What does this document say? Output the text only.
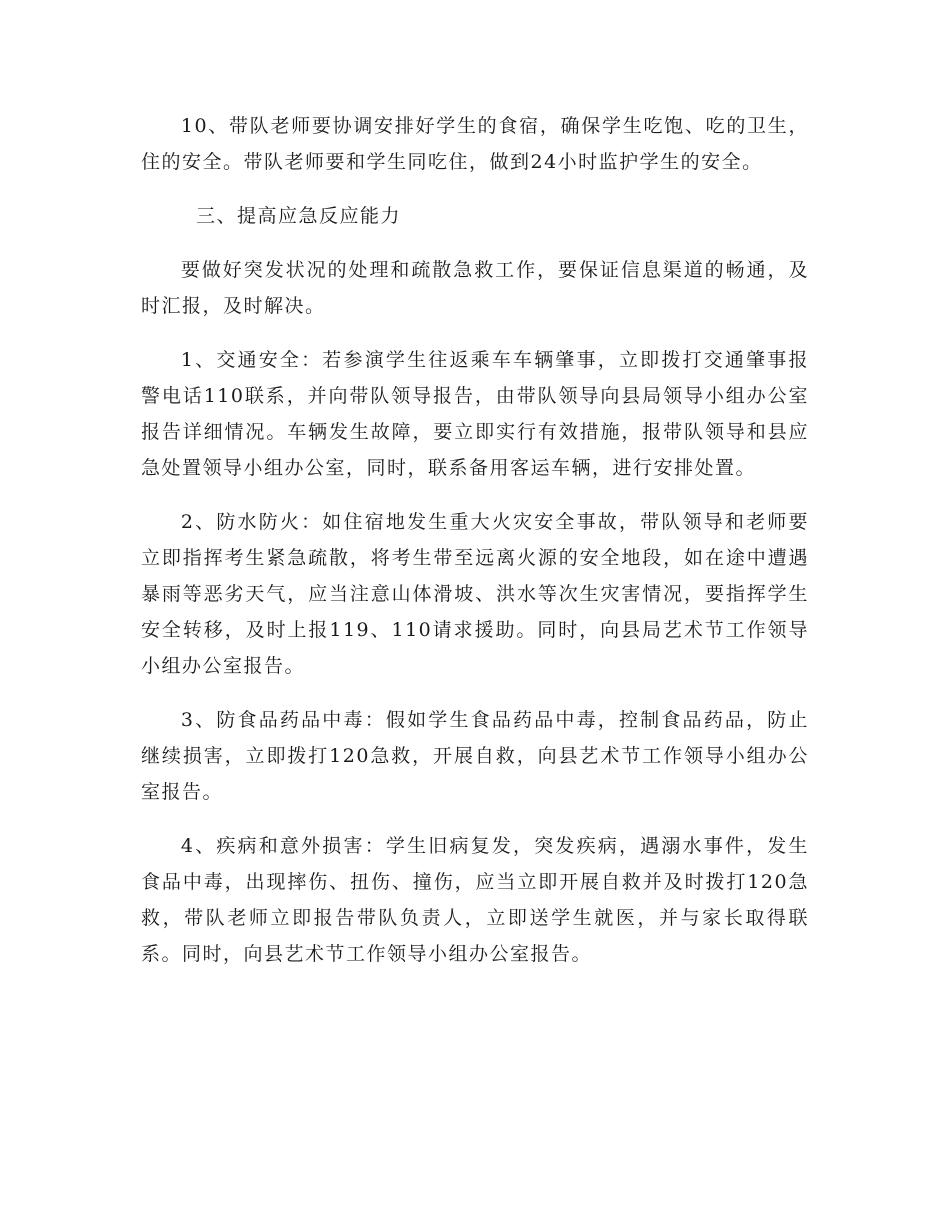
10、带队老师要协调安排好学生的食宿，确保学生吃饱、吃的卫生，住的安全。带队老师要和学生同吃住，做到24小时监护学生的安全。

三、提高应急反应能力

要做好突发状况的处理和疏散急救工作，要保证信息渠道的畅通，及时汇报，及时解决。

1、交通安全：若参演学生往返乘车车辆肇事，立即拨打交通肇事报警电话110联系，并向带队领导报告，由带队领导向县局领导小组办公室报告详细情况。车辆发生故障，要立即实行有效措施，报带队领导和县应急处置领导小组办公室，同时，联系备用客运车辆，进行安排处置。

2、防水防火：如住宿地发生重大火灾安全事故，带队领导和老师要立即指挥考生紧急疏散，将考生带至远离火源的安全地段，如在途中遭遇暴雨等恶劣天气，应当注意山体滑坡、洪水等次生灾害情况，要指挥学生安全转移，及时上报119、110请求援助。同时，向县局艺术节工作领导小组办公室报告。

3、防食品药品中毒：假如学生食品药品中毒，控制食品药品，防止继续损害，立即拨打120急救，开展自救，向县艺术节工作领导小组办公室报告。

4、疾病和意外损害：学生旧病复发，突发疾病，遇溺水事件，发生食品中毒，出现摔伤、扭伤、撞伤，应当立即开展自救并及时拨打120急救，带队老师立即报告带队负责人，立即送学生就医，并与家长取得联系。同时，向县艺术节工作领导小组办公室报告。
